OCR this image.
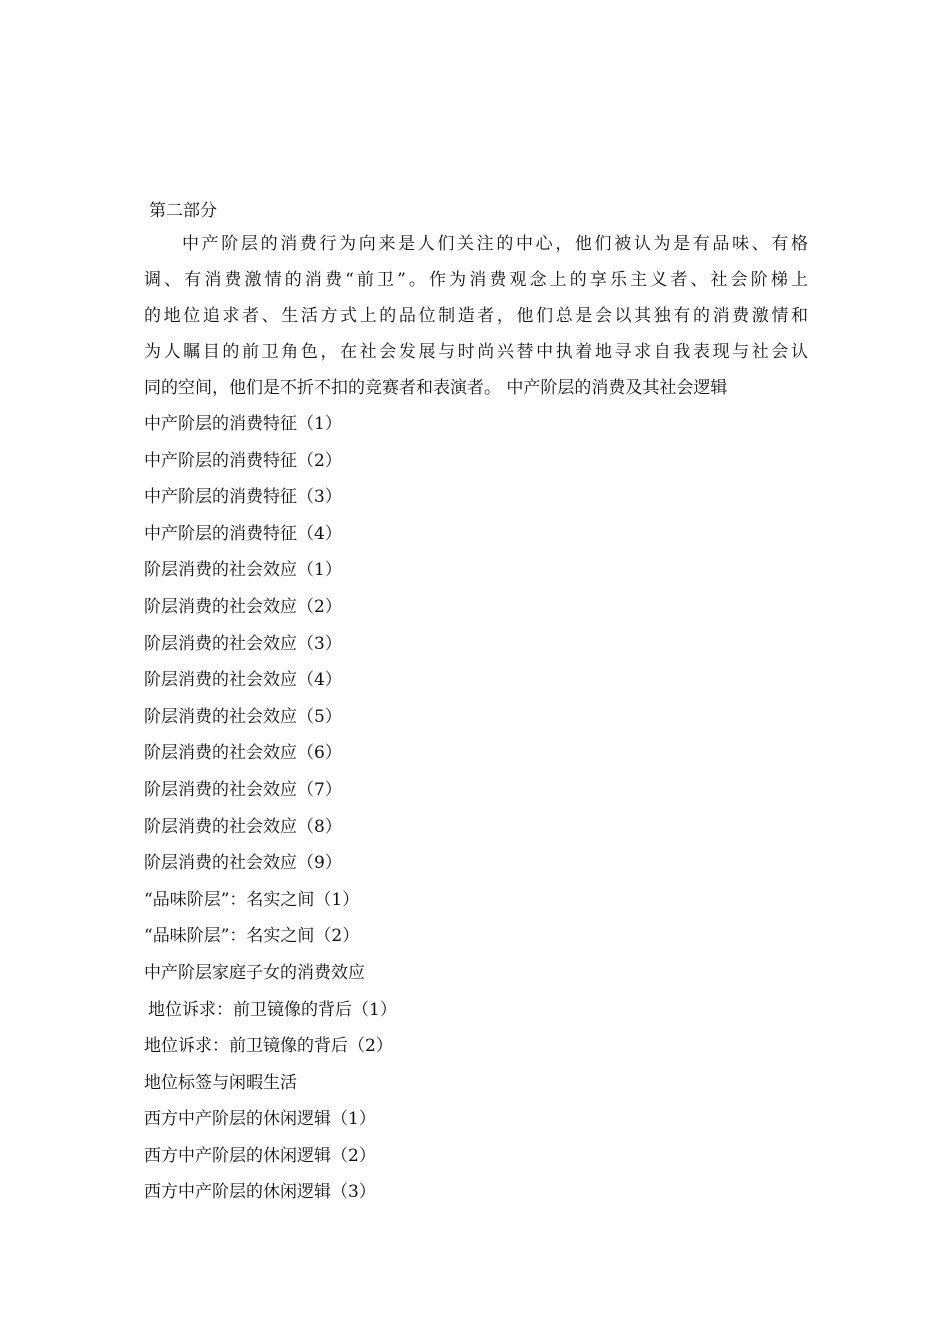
第二部分
中产阶层的消费行为向来是人们关注的中心，他们被认为是有品味、有格
调、有消费激情的消费“前卫”。作为消费观念上的享乐主义者、社会阶梯上
的地位追求者、生活方式上的品位制造者，他们总是会以其独有的消费激情和
为人瞩目的前卫角色，在社会发展与时尚兴替中执着地寻求自我表现与社会认
同的空间，他们是不折不扣的竞赛者和表演者。 中产阶层的消费及其社会逻辑
中产阶层的消费特征（1）
中产阶层的消费特征（2）
中产阶层的消费特征（3）
中产阶层的消费特征（4）
阶层消费的社会效应（1）
阶层消费的社会效应（2）
阶层消费的社会效应（3）
阶层消费的社会效应（4）
阶层消费的社会效应（5）
阶层消费的社会效应（6）
阶层消费的社会效应（7）
阶层消费的社会效应（8）
阶层消费的社会效应（9）
“品味阶层”：名实之间（1）
“品味阶层”：名实之间（2）
中产阶层家庭子女的消费效应
地位诉求：前卫镜像的背后（1）
地位诉求：前卫镜像的背后（2）
地位标签与闲暇生活
西方中产阶层的休闲逻辑（1）
西方中产阶层的休闲逻辑（2）
西方中产阶层的休闲逻辑（3）
